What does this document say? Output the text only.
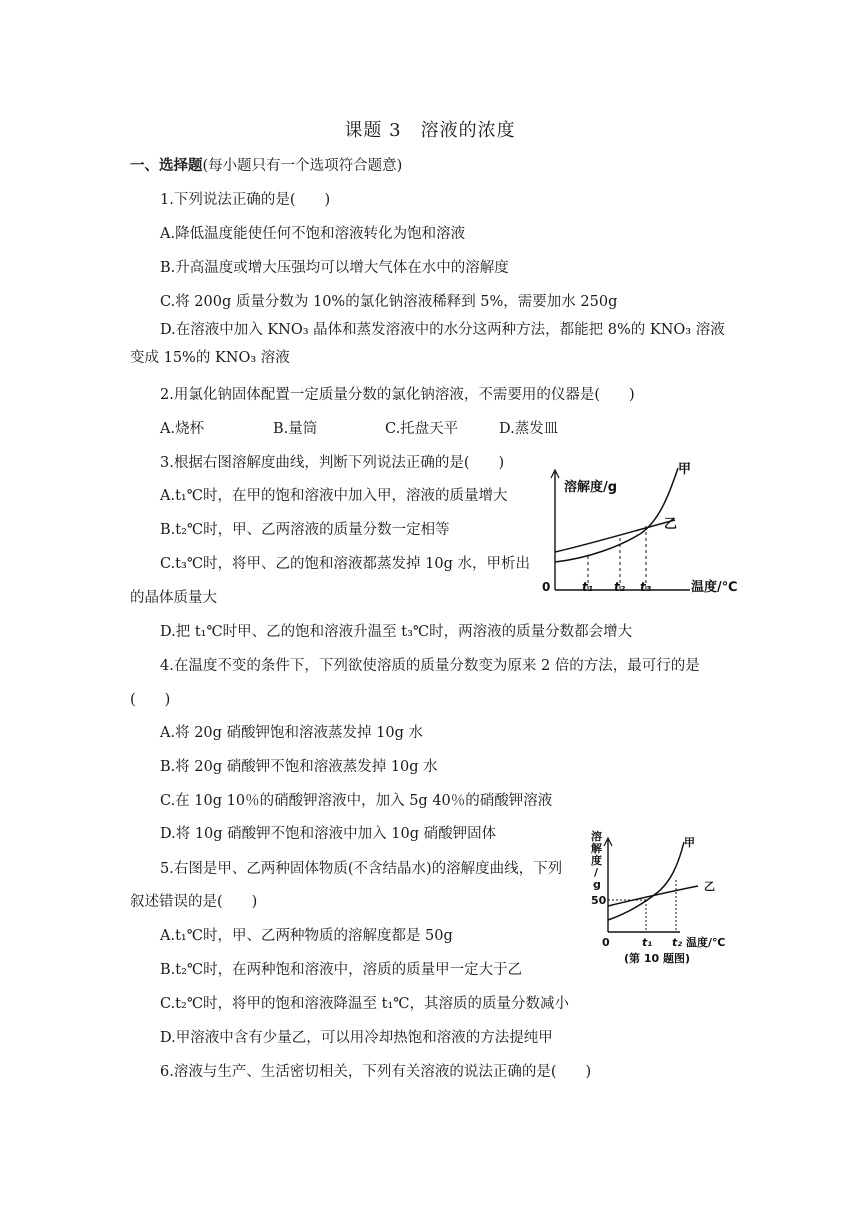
课题 3　溶液的浓度
一、选择题(每小题只有一个选项符合题意)
1.下列说法正确的是(　　)
A.降低温度能使任何不饱和溶液转化为饱和溶液
B.升高温度或增大压强均可以增大气体在水中的溶解度
C.将 200g 质量分数为 10%的氯化钠溶液稀释到 5%，需要加水 250g
D.在溶液中加入 KNO₃ 晶体和蒸发溶液中的水分这两种方法，都能把 8%的 KNO₃ 溶液
变成 15%的 KNO₃ 溶液
2.用氯化钠固体配置一定质量分数的氯化钠溶液，不需要用的仪器是(　　)
A.烧杯	B.量筒	C.托盘天平	D.蒸发皿
3.根据右图溶解度曲线，判断下列说法正确的是(　　)
A.t₁℃时，在甲的饱和溶液中加入甲，溶液的质量增大
B.t₂℃时，甲、乙两溶液的质量分数一定相等
C.t₃℃时，将甲、乙的饱和溶液都蒸发掉 10g 水，甲析出
的晶体质量大
D.把 t₁℃时甲、乙的饱和溶液升温至 t₃℃时，两溶液的质量分数都会增大
4.在温度不变的条件下，下列欲使溶质的质量分数变为原来 2 倍的方法，最可行的是
(　　)
A.将 20g 硝酸钾饱和溶液蒸发掉 10g 水
B.将 20g 硝酸钾不饱和溶液蒸发掉 10g 水
C.在 10g 10％的硝酸钾溶液中，加入 5g 40％的硝酸钾溶液
D.将 10g 硝酸钾不饱和溶液中加入 10g 硝酸钾固体
5.右图是甲、乙两种固体物质(不含结晶水)的溶解度曲线，下列
叙述错误的是(　　)
A.t₁℃时，甲、乙两种物质的溶解度都是 50g
B.t₂℃时，在两种饱和溶液中，溶质的质量甲一定大于乙
C.t₂℃时，将甲的饱和溶液降温至 t₁℃，其溶质的质量分数减小
D.甲溶液中含有少量乙，可以用冷却热饱和溶液的方法提纯甲
6.溶液与生产、生活密切相关，下列有关溶液的说法正确的是(　　)
溶解度/g
温度/℃
0	t₁ t₂ t₃
甲
乙
溶
解
度
/
g
50
0	t₁ t₂ 温度/℃
甲
乙
(第 10 题图)
